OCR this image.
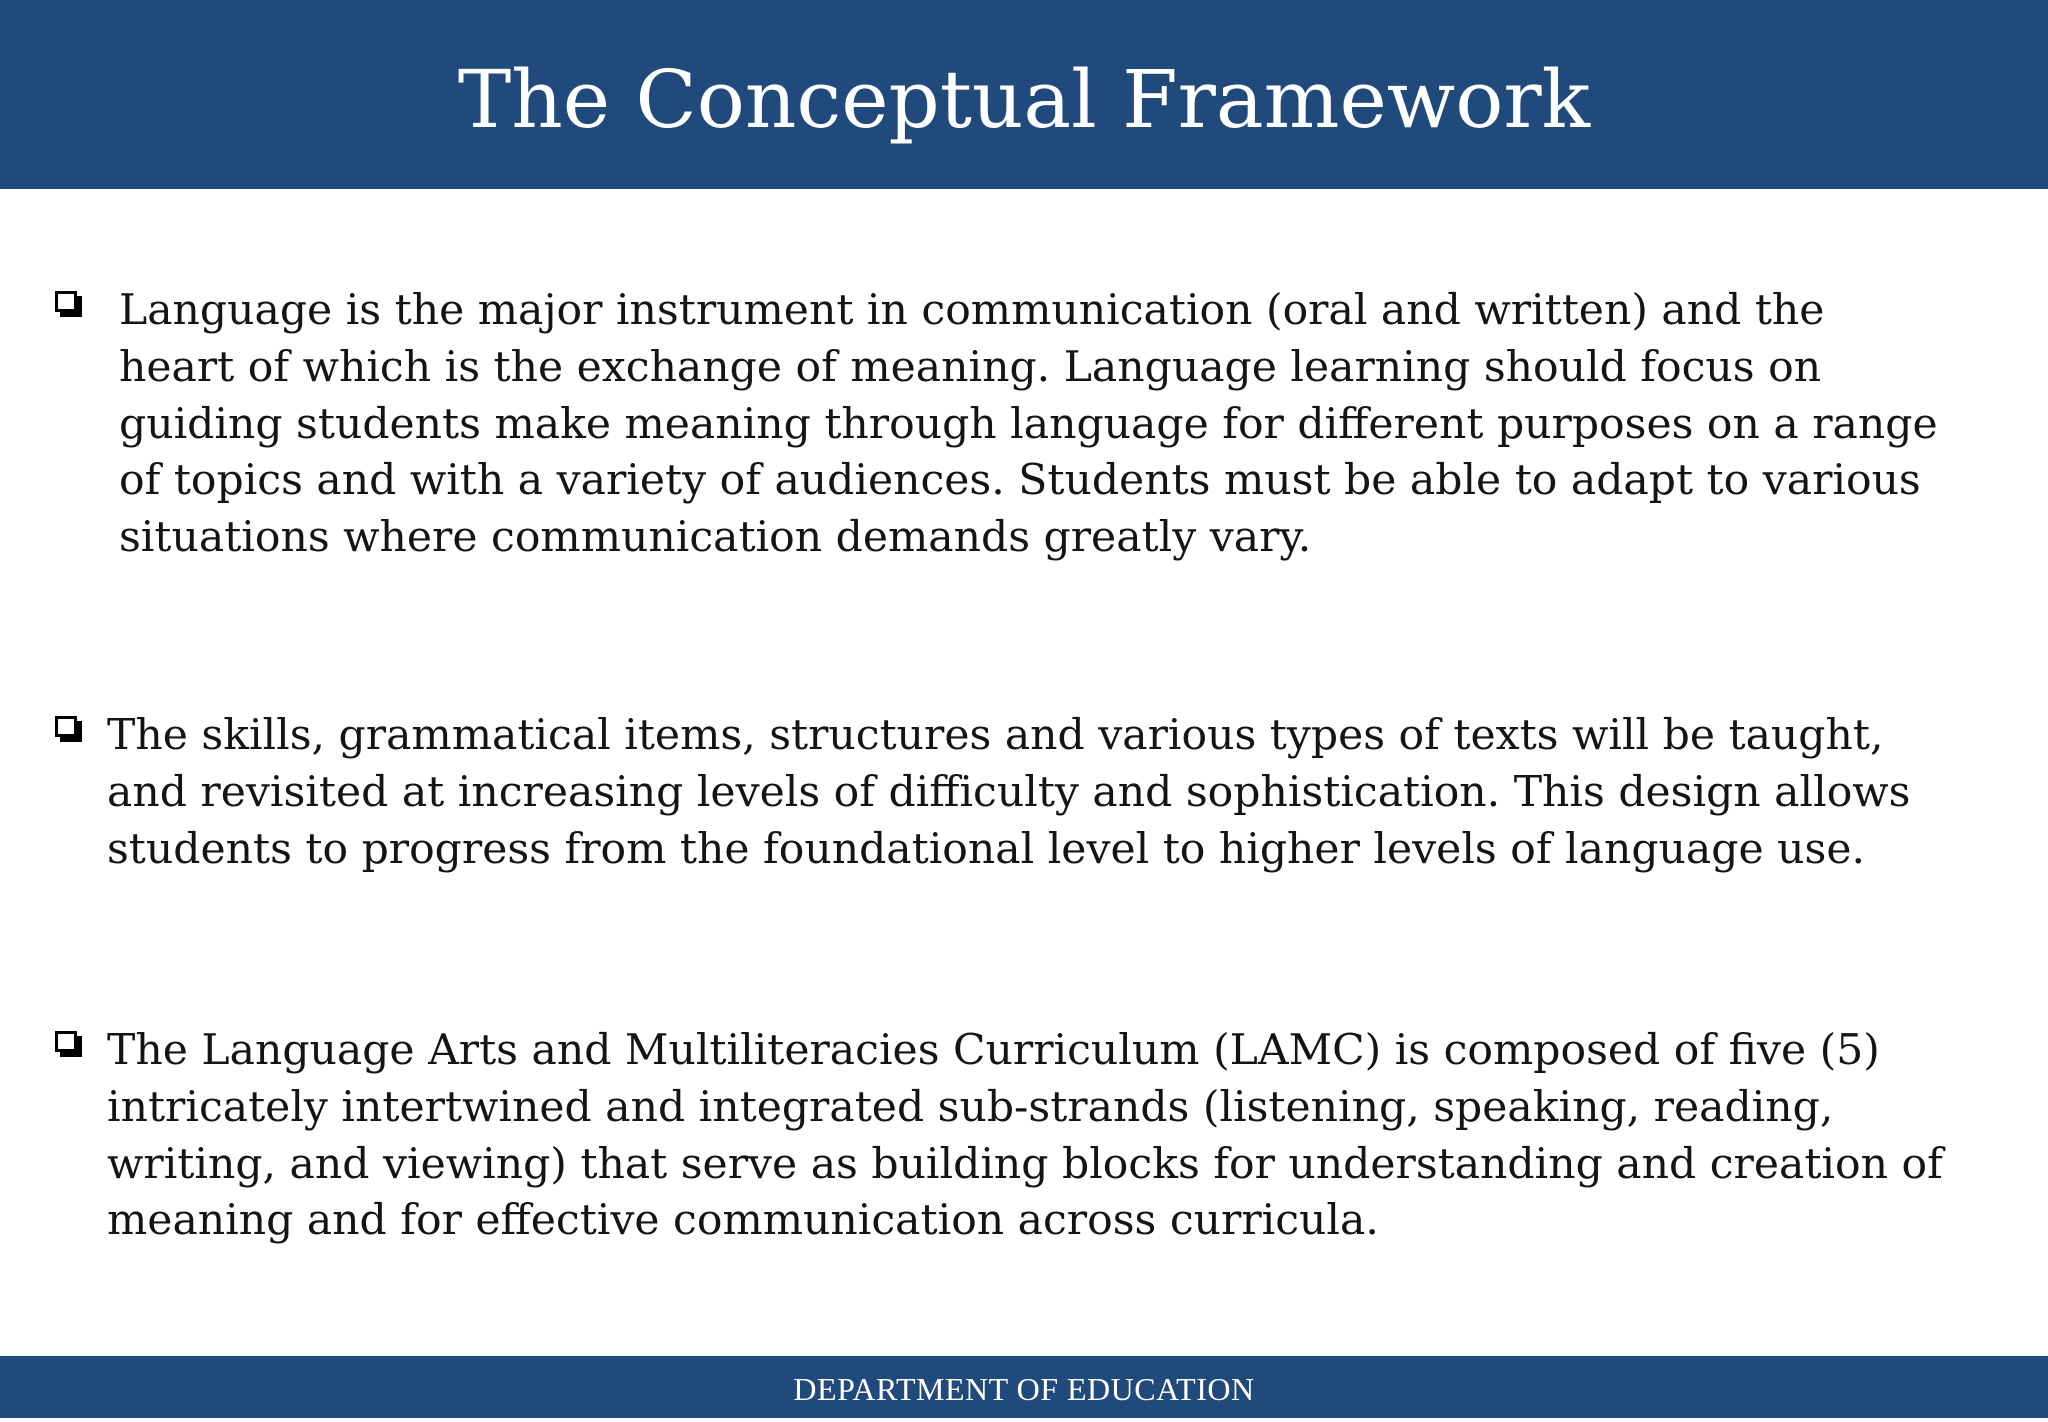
The Conceptual Framework

Language is the major instrument in communication (oral and written) and the heart of which is the exchange of meaning. Language learning should focus on guiding students make meaning through language for different purposes on a range of topics and with a variety of audiences. Students must be able to adapt to various situations where communication demands greatly vary.

The skills, grammatical items, structures and various types of texts will be taught, and revisited at increasing levels of difficulty and sophistication. This design allows students to progress from the foundational level to higher levels of language use.

The Language Arts and Multiliteracies Curriculum (LAMC) is composed of five (5) intricately intertwined and integrated sub-strands (listening, speaking, reading, writing, and viewing) that serve as building blocks for understanding and creation of meaning and for effective communication across curricula.

DEPARTMENT OF EDUCATION
